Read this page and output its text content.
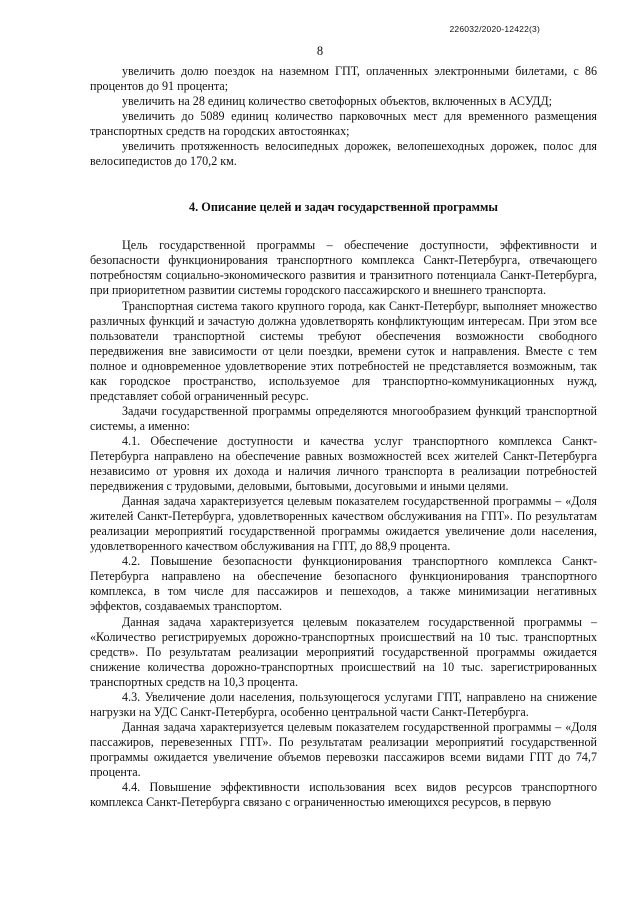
226032/2020-12422(3)
8

увеличить долю поездок на наземном ГПТ, оплаченных электронными билетами, с 86 процентов до 91 процента;

увеличить на 28 единиц количество светофорных объектов, включенных в АСУДД;

увеличить до 5089 единиц количество парковочных мест для временного размещения транспортных средств на городских автостоянках;

увеличить протяженность велосипедных дорожек, велопешеходных дорожек, полос для велосипедистов до 170,2 км.

4. Описание целей и задач государственной программы

Цель государственной программы – обеспечение доступности, эффективности и безопасности функционирования транспортного комплекса Санкт-Петербурга, отвечающего потребностям социально-экономического развития и транзитного потенциала Санкт-Петербурга, при приоритетном развитии системы городского пассажирского и внешнего транспорта.

Транспортная система такого крупного города, как Санкт-Петербург, выполняет множество различных функций и зачастую должна удовлетворять конфликтующим интересам. При этом все пользователи транспортной системы требуют обеспечения возможности свободного передвижения вне зависимости от цели поездки, времени суток и направления. Вместе с тем полное и одновременное удовлетворение этих потребностей не представляется возможным, так как городское пространство, используемое для транспортно-коммуникационных нужд, представляет собой ограниченный ресурс.

Задачи государственной программы определяются многообразием функций транспортной системы, а именно:

4.1. Обеспечение доступности и качества услуг транспортного комплекса Санкт-Петербурга направлено на обеспечение равных возможностей всех жителей Санкт-Петербурга независимо от уровня их дохода и наличия личного транспорта в реализации потребностей передвижения с трудовыми, деловыми, бытовыми, досуговыми и иными целями.

Данная задача характеризуется целевым показателем государственной программы – «Доля жителей Санкт-Петербурга, удовлетворенных качеством обслуживания на ГПТ». По результатам реализации мероприятий государственной программы ожидается увеличение доли населения, удовлетворенного качеством обслуживания на ГПТ, до 88,9 процента.

4.2. Повышение безопасности функционирования транспортного комплекса Санкт-Петербурга направлено на обеспечение безопасного функционирования транспортного комплекса, в том числе для пассажиров и пешеходов, а также минимизации негативных эффектов, создаваемых транспортом.

Данная задача характеризуется целевым показателем государственной программы – «Количество регистрируемых дорожно-транспортных происшествий на 10 тыс. транспортных средств». По результатам реализации мероприятий государственной программы ожидается снижение количества дорожно-транспортных происшествий на 10 тыс. зарегистрированных транспортных средств на 10,3 процента.

4.3. Увеличение доли населения, пользующегося услугами ГПТ, направлено на снижение нагрузки на УДС Санкт-Петербурга, особенно центральной части Санкт-Петербурга.

Данная задача характеризуется целевым показателем государственной программы – «Доля пассажиров, перевезенных ГПТ». По результатам реализации мероприятий государственной программы ожидается увеличение объемов перевозки пассажиров всеми видами ГПТ до 74,7 процента.

4.4. Повышение эффективности использования всех видов ресурсов транспортного комплекса Санкт-Петербурга связано с ограниченностью имеющихся ресурсов, в первую
